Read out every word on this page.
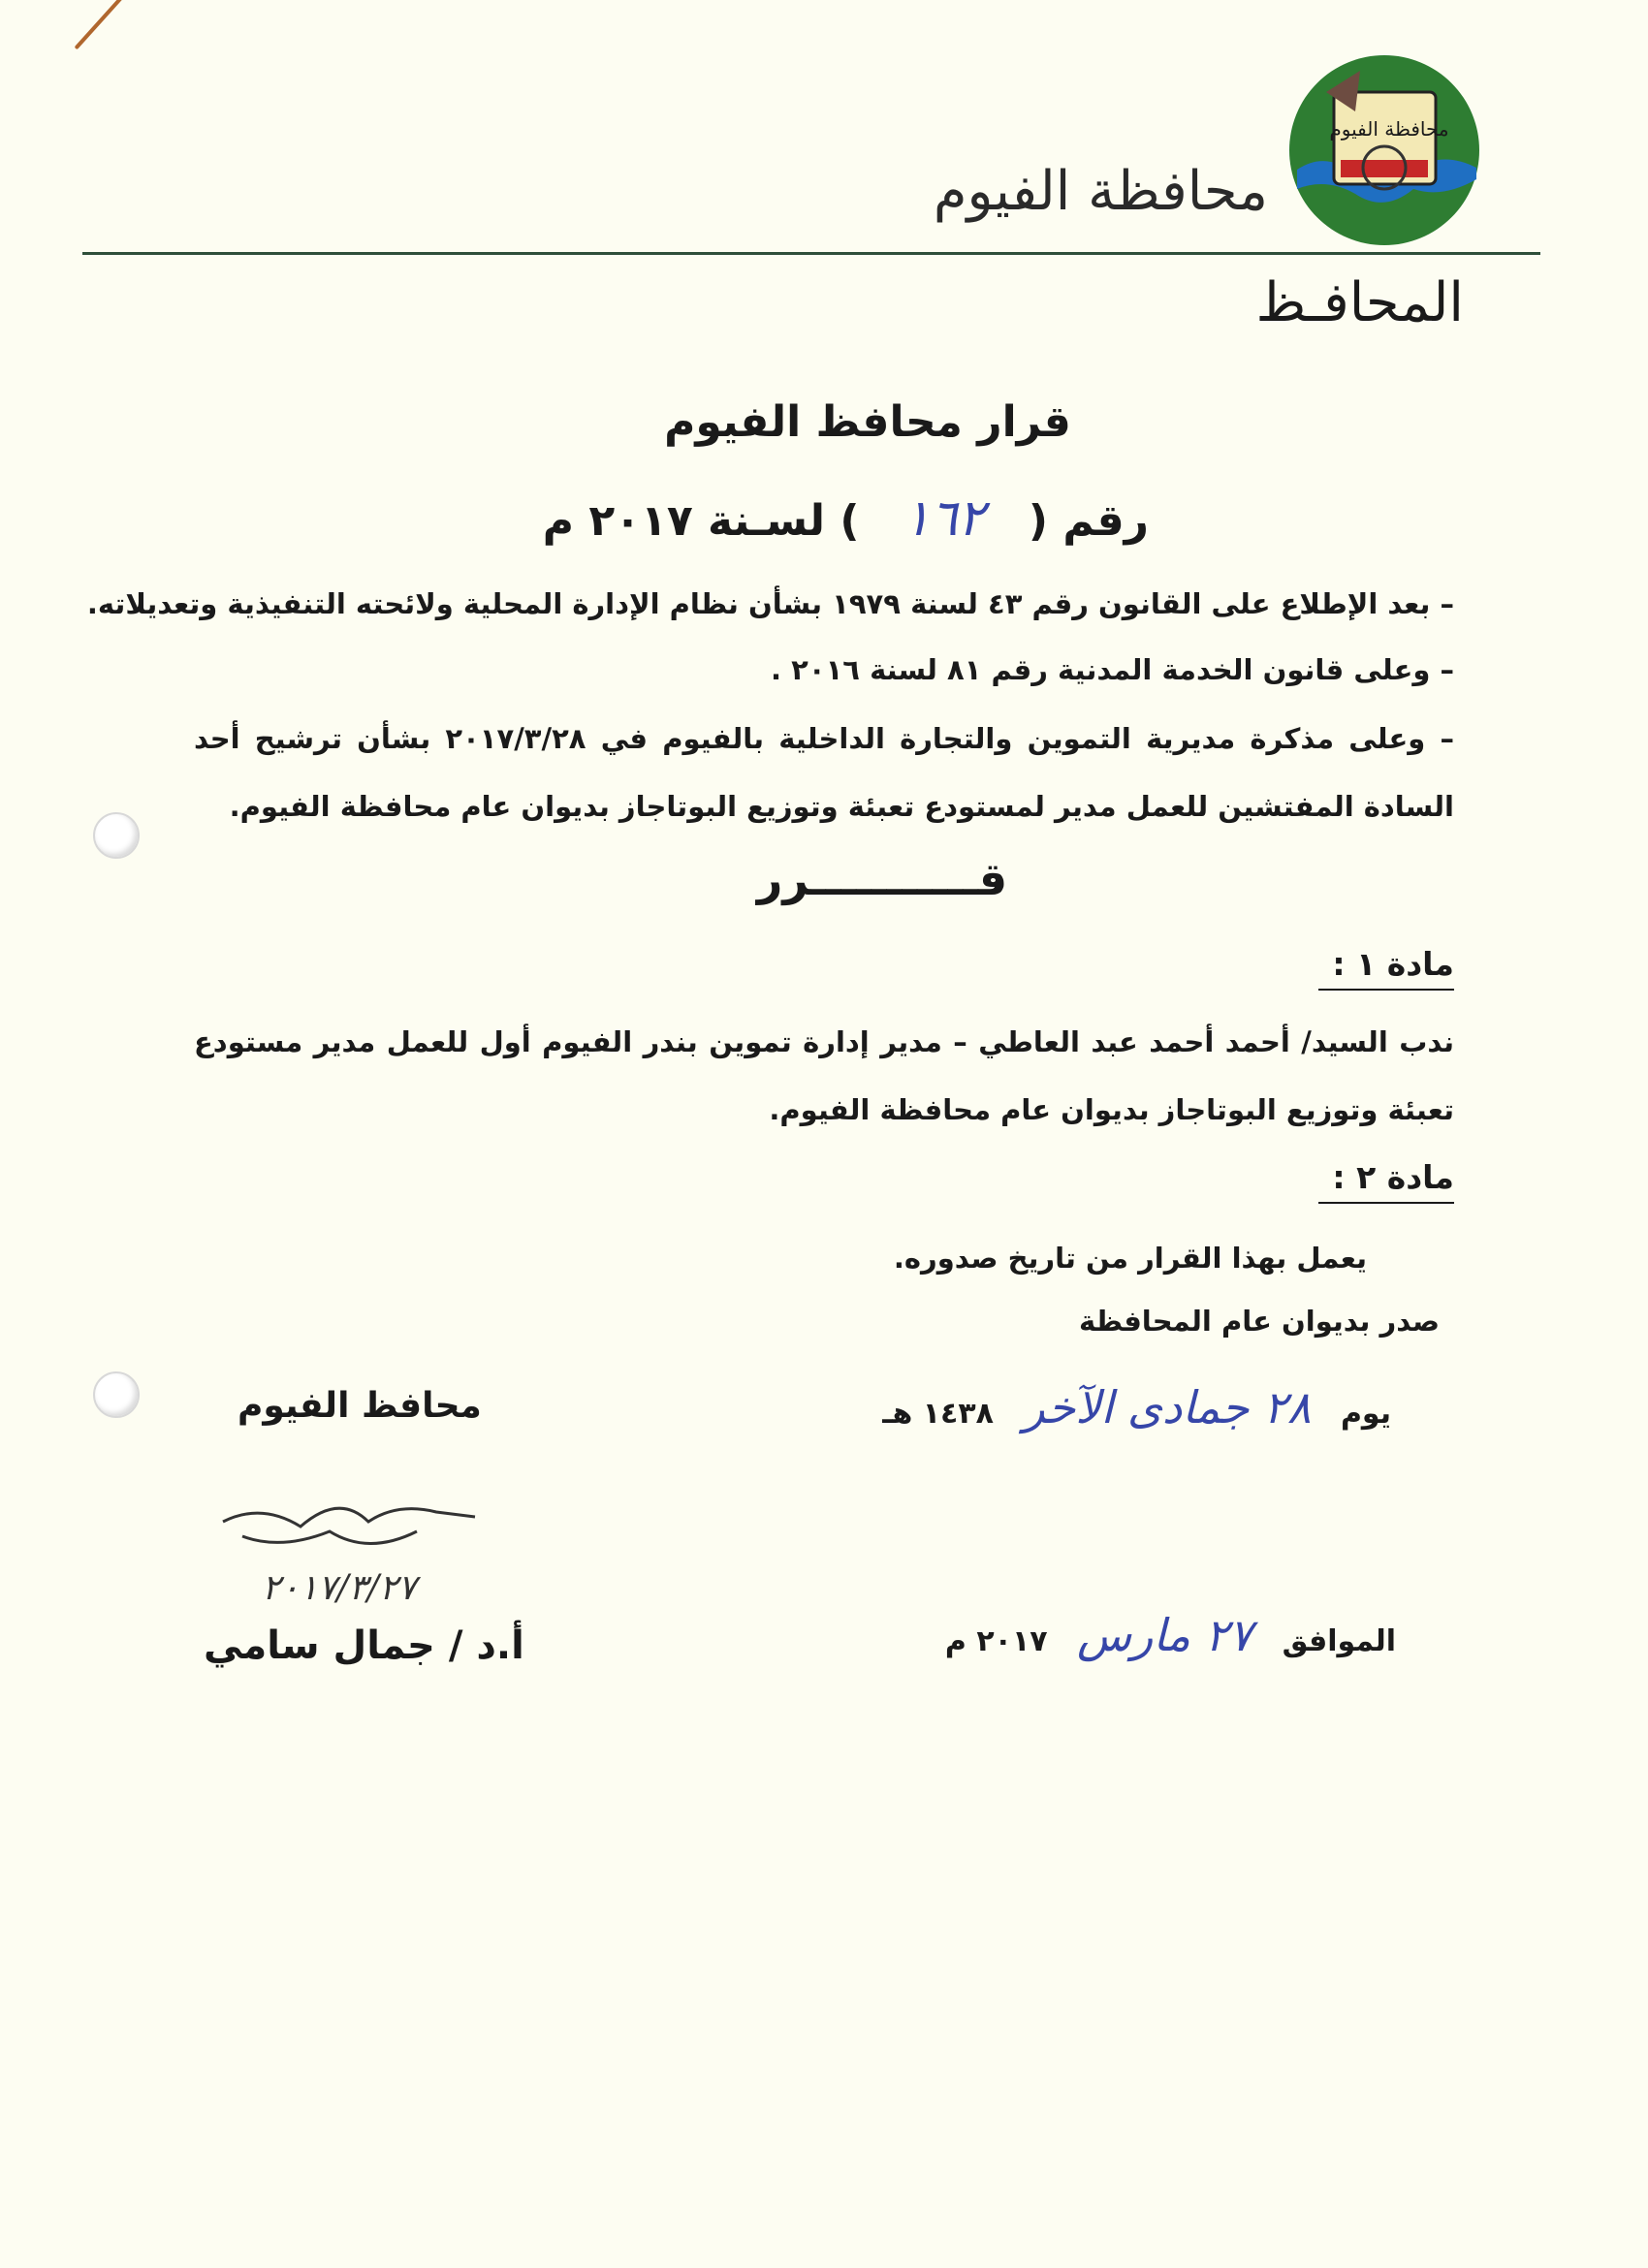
محافظة الفيوم
محافظة الفيوم
المحافـظ
قرار محافظ الفيوم
رقم ( ١٦٢ ) لسـنة ٢٠١٧ م
– بعد الإطلاع على القانون رقم ٤٣ لسنة ١٩٧٩ بشأن نظام الإدارة المحلية ولائحته التنفيذية وتعديلاته.
– وعلى قانون الخدمة المدنية رقم ٨١ لسنة ٢٠١٦ .
– وعلى مذكرة مديرية التموين والتجارة الداخلية بالفيوم في ٢٠١٧/٣/٢٨ بشأن ترشيح أحد السادة المفتشين للعمل مدير لمستودع تعبئة وتوزيع البوتاجاز بديوان عام محافظة الفيوم.
قـــــــــــرر
مادة ١ :
ندب السيد/ أحمد أحمد عبد العاطي – مدير إدارة تموين بندر الفيوم أول للعمل مدير مستودع تعبئة وتوزيع البوتاجاز بديوان عام محافظة الفيوم.
مادة ٢ :
يعمل بهذا القرار من تاريخ صدوره.
صدر بديوان عام المحافظة
يوم ٢٨ جمادى الآخر ١٤٣٨ هـ
الموافق ٢٧ مارس ٢٠١٧ م
محافظ الفيوم
٢٠١٧/٣/٢٧
أ.د / جمال سامي
